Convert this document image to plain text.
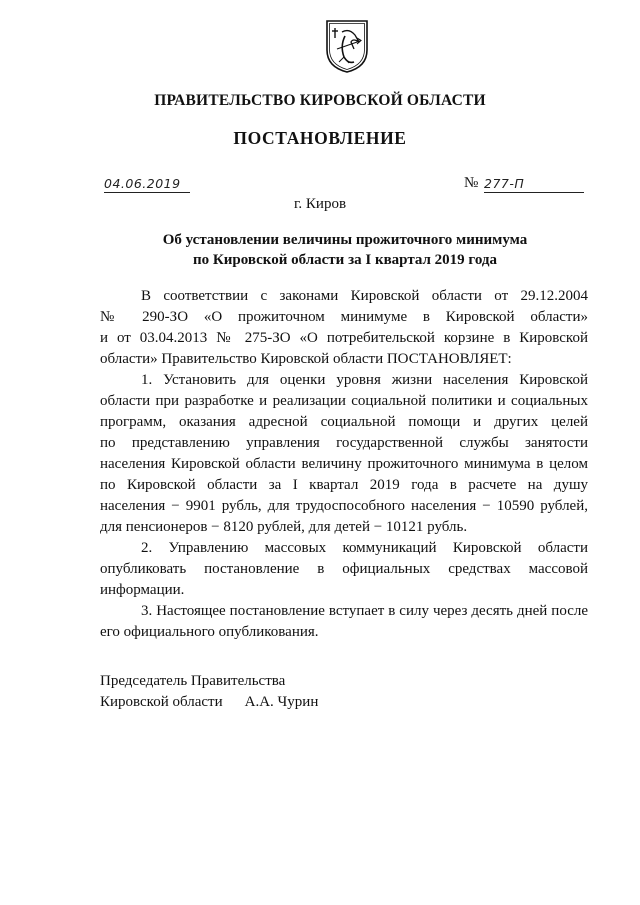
ПРАВИТЕЛЬСТВО КИРОВСКОЙ ОБЛАСТИ
ПОСТАНОВЛЕНИЕ
04.06.2019	№ 277-П
г. Киров
Об установлении величины прожиточного минимума
по Кировской области за I квартал 2019 года
В соответствии с законами Кировской области от 29.12.2004
№ 290-ЗО «О прожиточном минимуме в Кировской области»
и от 03.04.2013 № 275-ЗО «О потребительской корзине в Кировской
области» Правительство Кировской области ПОСТАНОВЛЯЕТ:
1. Установить для оценки уровня жизни населения Кировской
области при разработке и реализации социальной политики и социальных
программ, оказания адресной социальной помощи и других целей
по представлению управления государственной службы занятости
населения Кировской области величину прожиточного минимума в целом
по Кировской области за I квартал 2019 года в расчете на душу
населения − 9901 рубль, для трудоспособного населения − 10590 рублей,
для пенсионеров − 8120 рублей, для детей − 10121 рубль.
2. Управлению массовых коммуникаций Кировской области
опубликовать постановление в официальных средствах массовой
информации.
3. Настоящее постановление вступает в силу через десять дней после
его официального опубликования.
Председатель Правительства
Кировской области А.А. Чурин
